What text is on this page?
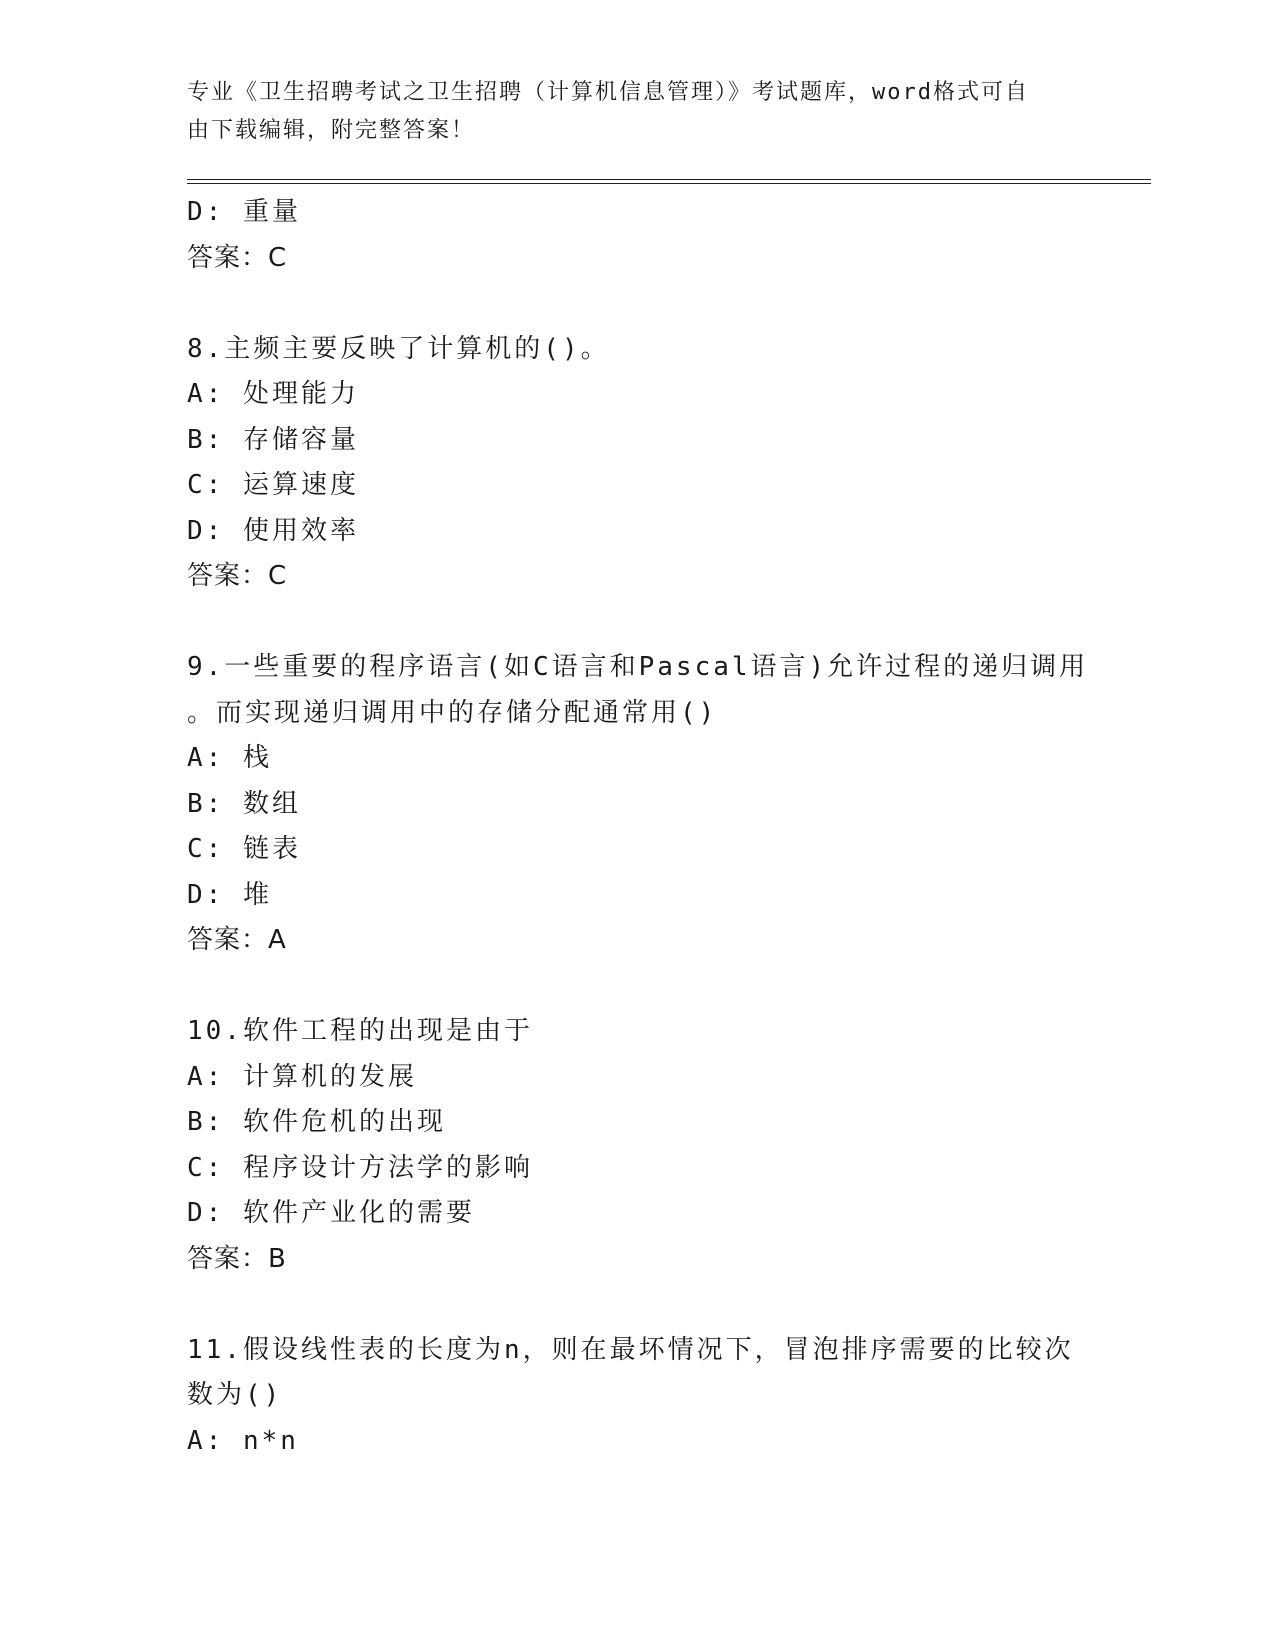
专业《卫生招聘考试之卫生招聘（计算机信息管理）》考试题库，word格式可自
由下载编辑，附完整答案！
D: 重量
答案：C
8.主频主要反映了计算机的()。
A: 处理能力
B: 存储容量
C: 运算速度
D: 使用效率
答案：C
9.一些重要的程序语言(如C语言和Pascal语言)允许过程的递归调用
。而实现递归调用中的存储分配通常用()
A: 栈
B: 数组
C: 链表
D: 堆
答案：A
10.软件工程的出现是由于
A: 计算机的发展
B: 软件危机的出现
C: 程序设计方法学的影响
D: 软件产业化的需要
答案：B
11.假设线性表的长度为n，则在最坏情况下，冒泡排序需要的比较次
数为()
A: n*n
